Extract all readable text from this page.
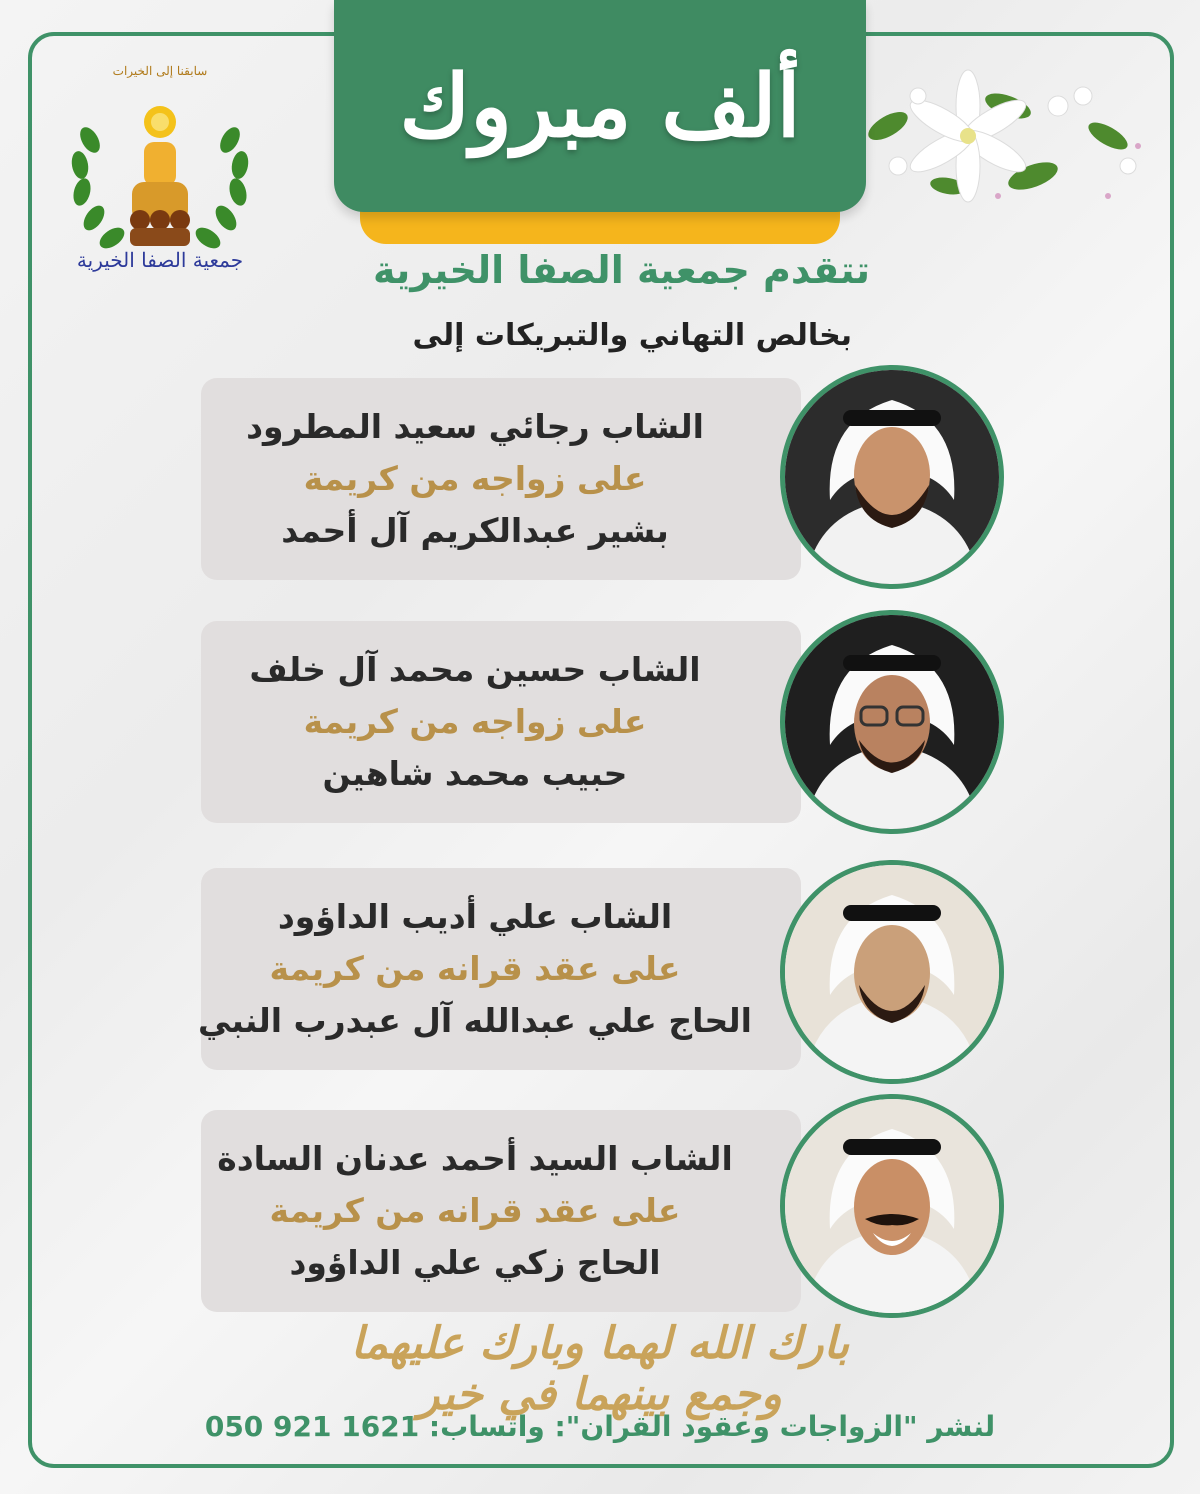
ألف مبروك
سابقنا إلى الخيرات
جمعية الصفا الخيرية	تتقدم جمعية الصفا الخيرية
بخالص التهاني والتبريكات إلى
الشاب رجائي سعيد المطرود
على زواجه من كريمة
بشير عبدالكريم آل أحمد
الشاب حسين محمد آل خلف
على زواجه من كريمة
حبيب محمد شاهين
الشاب علي أديب الداؤود
على عقد قرانه من كريمة
الحاج علي عبدالله آل عبدرب النبي
الشاب السيد أحمد عدنان السادة
على عقد قرانه من كريمة
الحاج زكي علي الداؤود
بارك الله لهما وبارك عليهما وجمع بينهما في خير
لنشر "الزواجات وعقود القران": واتساب: 1621 921 050
